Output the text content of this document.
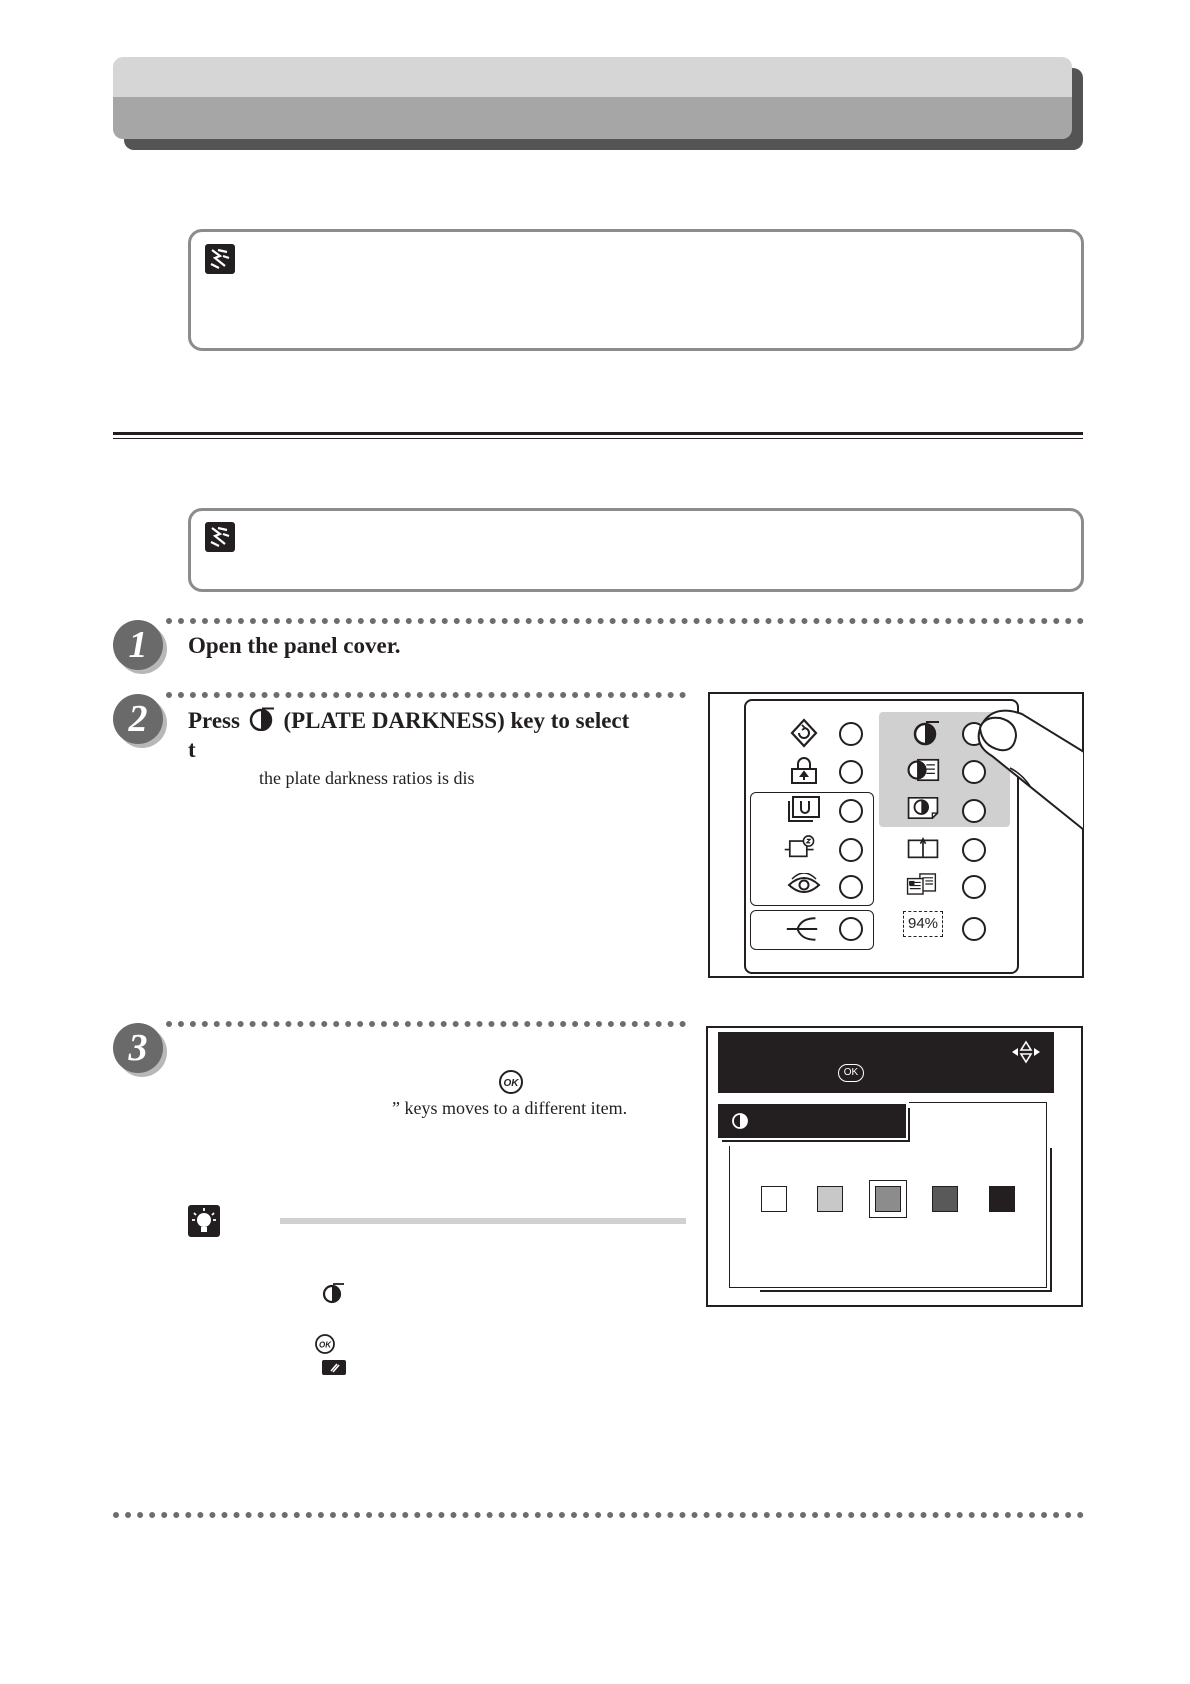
1	Open the panel cover.
2	Press (PLATE DARKNESS) key to select
t
the plate darkness ratios is dis
94%
3
OK
” keys moves to a different item.
OK
OK
